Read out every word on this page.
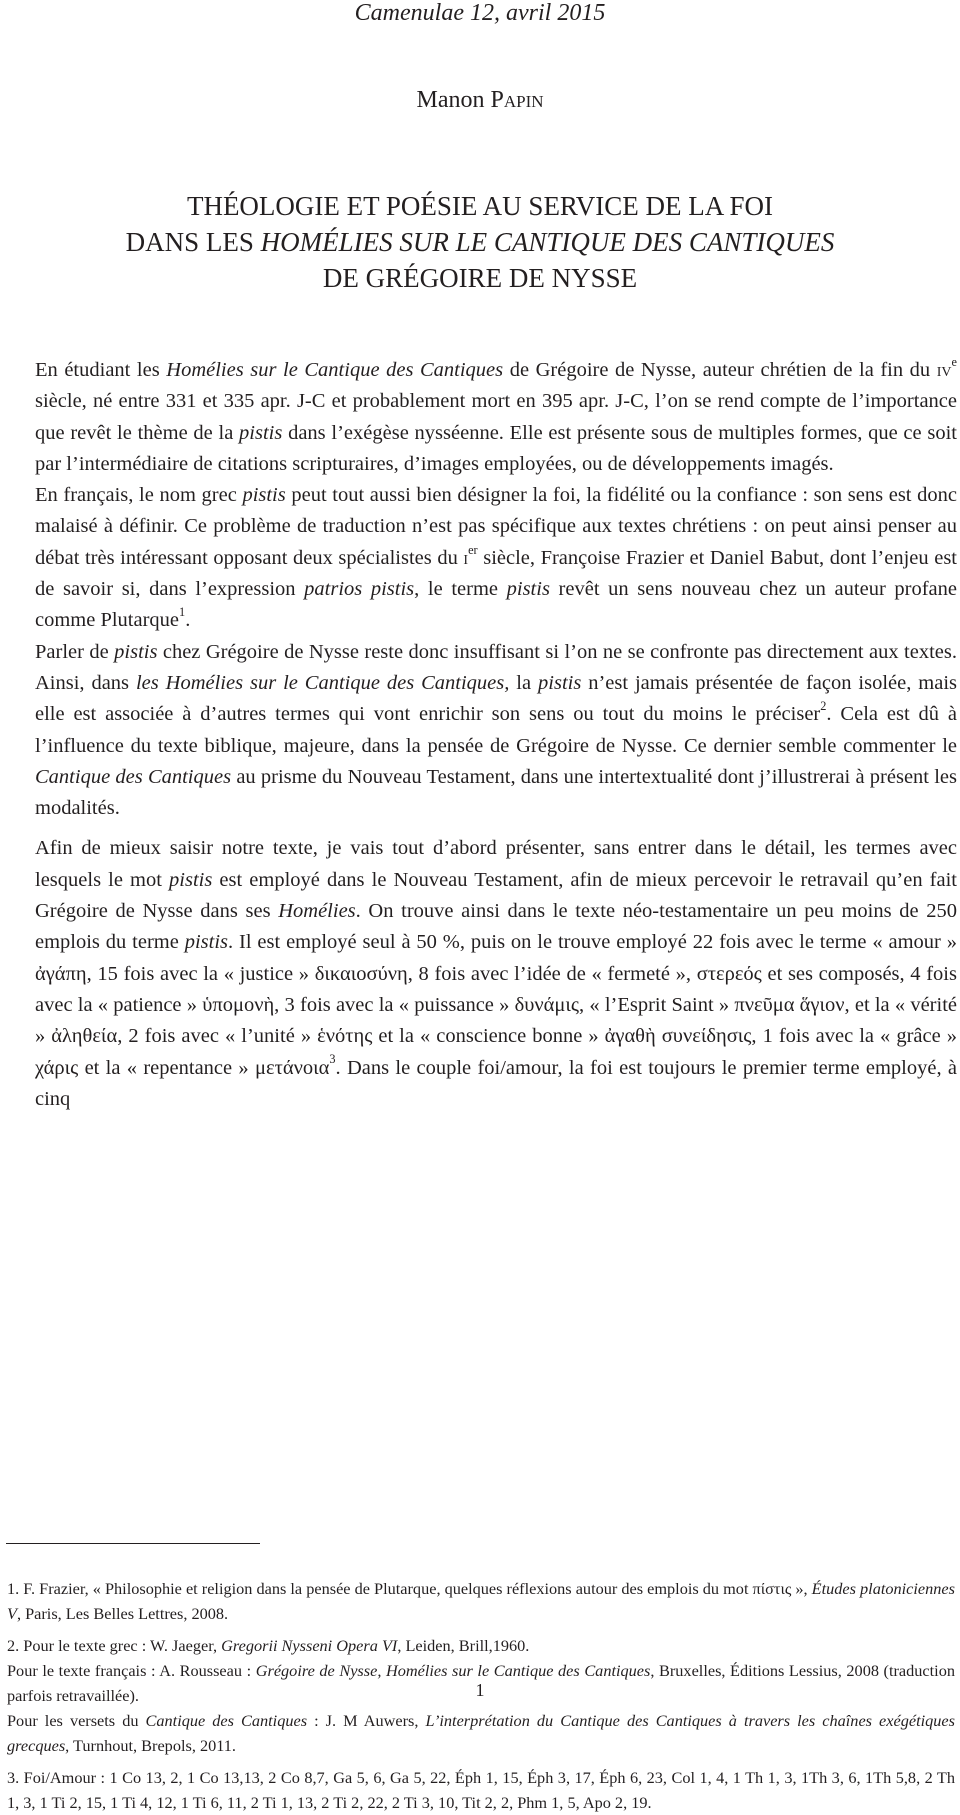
Camenulae 12, avril 2015
Manon Papin
THÉOLOGIE ET POÉSIE AU SERVICE DE LA FOI
DANS LES HOMÉLIES SUR LE CANTIQUE DES CANTIQUES
DE GRÉGOIRE DE NYSSE

En étudiant les Homélies sur le Cantique des Cantiques de Grégoire de Nysse, auteur chrétien de la fin du $iv^e$ siècle, né entre 331 et 335 apr. J-C et probablement mort en 395 apr. J-C, l’on se rend compte de l’importance que revêt le thème de la pistis dans l’exégèse nysséenne. Elle est présente sous de multiples formes, que ce soit par l’intermédiaire de citations scripturaires, d’images employées, ou de développements imagés.

En français, le nom grec pistis peut tout aussi bien désigner la foi, la fidélité ou la confiance : son sens est donc malaisé à définir. Ce problème de traduction n’est pas spécifique aux textes chrétiens : on peut ainsi penser au débat très intéressant opposant deux spécialistes du $i^{er}$ siècle, Françoise Frazier et Daniel Babut, dont l’enjeu est de savoir si, dans l’expression patrios pistis, le terme pistis revêt un sens nouveau chez un auteur profane comme Plutarque$^1$.

Parler de pistis chez Grégoire de Nysse reste donc insuffisant si l’on ne se confronte pas directement aux textes. Ainsi, dans les Homélies sur le Cantique des Cantiques, la pistis n’est jamais présentée de façon isolée, mais elle est associée à d’autres termes qui vont enrichir son sens ou tout du moins le préciser$^2$. Cela est dû à l’influence du texte biblique, majeure, dans la pensée de Grégoire de Nysse. Ce dernier semble commenter le Cantique des Cantiques au prisme du Nouveau Testament, dans une intertextualité dont j’illustrerai à présent les modalités.

Afin de mieux saisir notre texte, je vais tout d’abord présenter, sans entrer dans le détail, les termes avec lesquels le mot pistis est employé dans le Nouveau Testament, afin de mieux percevoir le retravail qu’en fait Grégoire de Nysse dans ses Homélies. On trouve ainsi dans le texte néo-testamentaire un peu moins de 250 emplois du terme pistis. Il est employé seul à 50 %, puis on le trouve employé 22 fois avec le terme « amour » ἀγάπη, 15 fois avec la « justice » δικαιοσύνη, 8 fois avec l’idée de « fermeté », στερεός et ses composés, 4 fois avec la « patience » ὑπομονὴ, 3 fois avec la « puissance » δυνάμις, « l’Esprit Saint » πνεῦμα ἅγιον, et la « vérité » ἀληθεία, 2 fois avec « l’unité » ἑνότης et la « conscience bonne » ἀγαθὴ συνείδησις, 1 fois avec la « grâce » χάρις et la « repentance » μετάνοια$^3$. Dans le couple foi/amour, la foi est toujours le premier terme employé, à cinq

1. F. Frazier, « Philosophie et religion dans la pensée de Plutarque, quelques réflexions autour des emplois du mot πίστις », Études platoniciennes V, Paris, Les Belles Lettres, 2008.

2. Pour le texte grec : W. Jaeger, Gregorii Nysseni Opera VI, Leiden, Brill,1960.

Pour le texte français : A. Rousseau : Grégoire de Nysse, Homélies sur le Cantique des Cantiques, Bruxelles, Éditions Lessius, 2008 (traduction parfois retravaillée).

Pour les versets du Cantique des Cantiques : J. M Auwers, L’interprétation du Cantique des Cantiques à travers les chaînes exégétiques grecques, Turnhout, Brepols, 2011.

3. Foi/Amour : 1 Co 13, 2, 1 Co 13,13, 2 Co 8,7, Ga 5, 6, Ga 5, 22, Éph 1, 15, Éph 3, 17, Éph 6, 23, Col 1, 4, 1 Th 1, 3, 1Th 3, 6, 1Th 5,8, 2 Th 1, 3, 1 Ti 2, 15, 1 Ti 4, 12, 1 Ti 6, 11, 2 Ti 1, 13, 2 Ti 2, 22, 2 Ti 3, 10, Tit 2, 2, Phm 1, 5, Apo 2, 19.

1
